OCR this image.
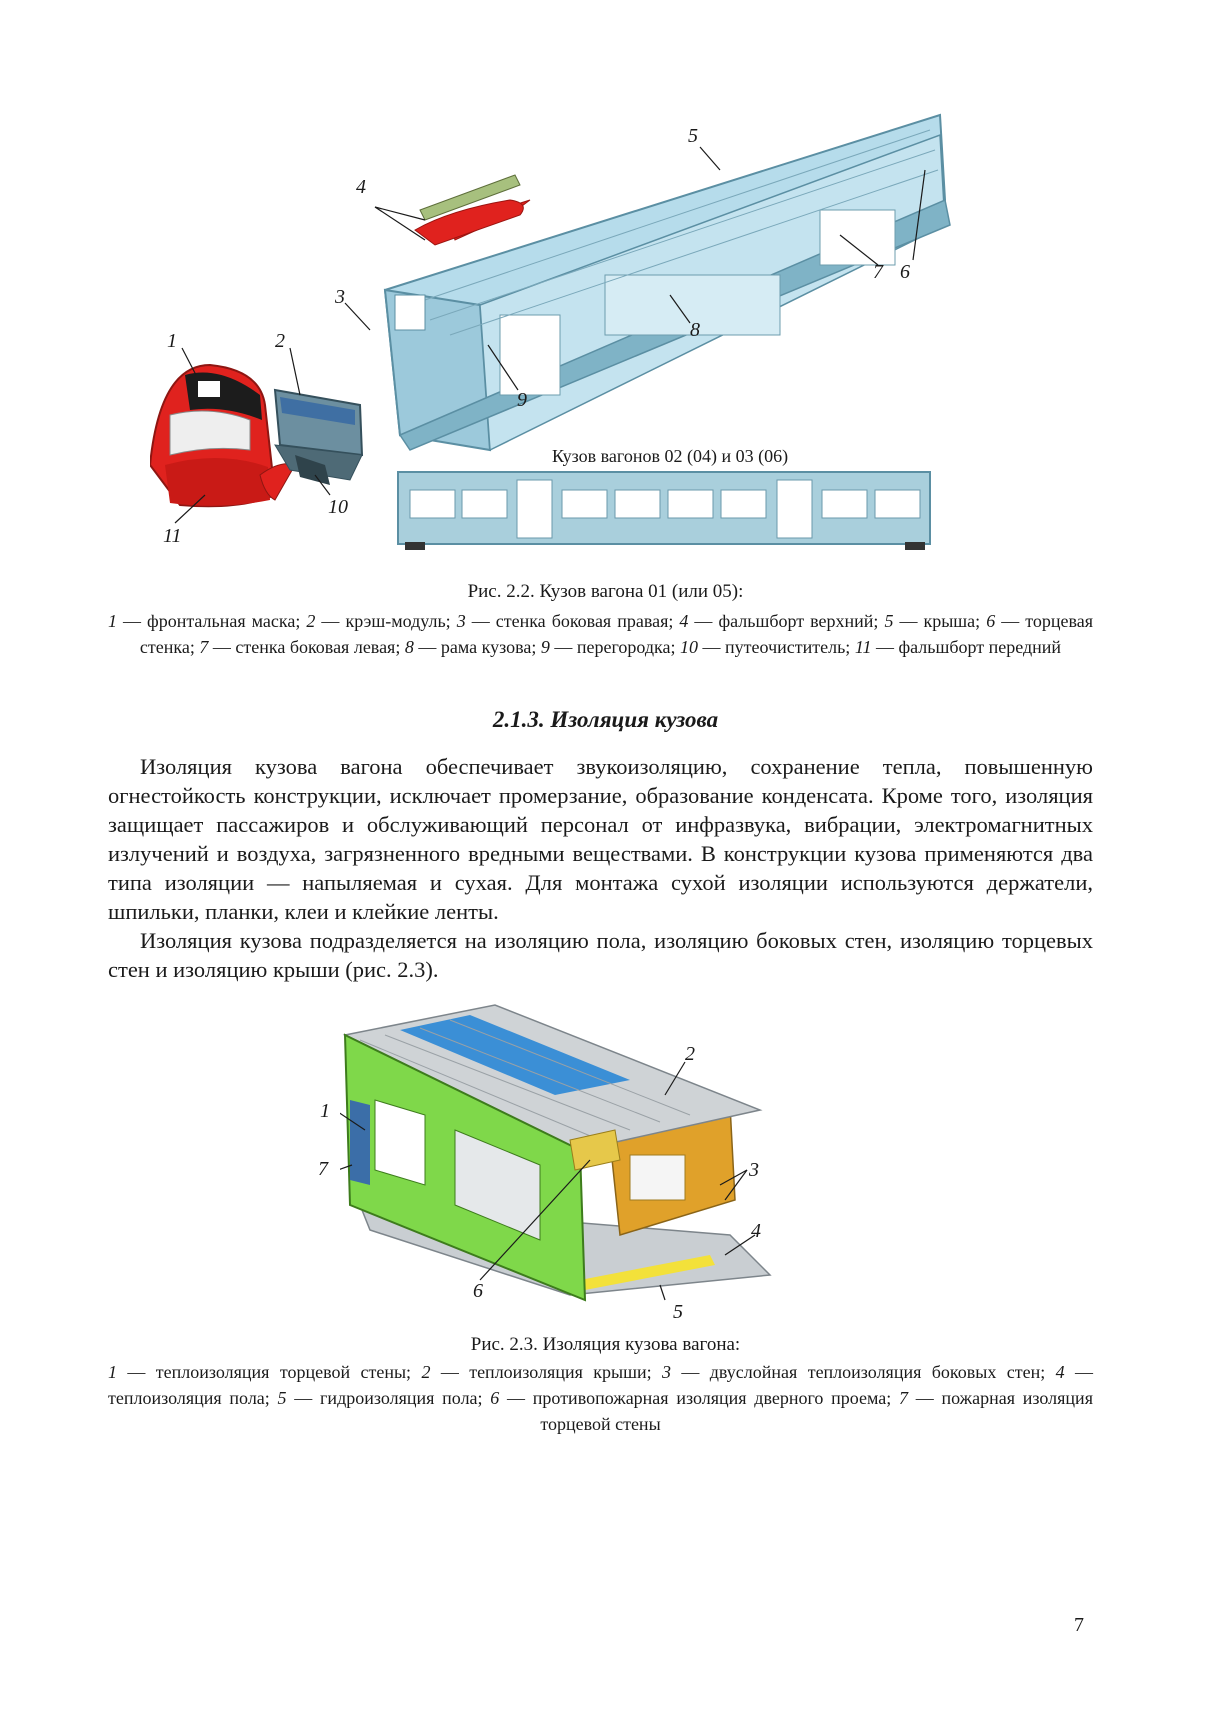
1	2
3
4
5
6
7
8
9
10
11
Кузов вагонов 02 (04) и 03 (06)
Рис. 2.2. Кузов вагона 01 (или 05):
1 — фронтальная маска; 2 — крэш-модуль; 3 — стенка боковая правая; 4 — фальшборт верхний; 5 — крыша; 6 — торцевая стенка; 7 — стенка боковая левая; 8 — рама кузова; 9 — перегородка; 10 — путеочиститель; 11 — фальшборт передний
2.1.3. Изоляция кузова

Изоляция кузова вагона обеспечивает звукоизоляцию, сохранение тепла, повышенную огнестойкость конструкции, исключает промерзание, образование конденсата. Кроме того, изоляция защищает пассажиров и обслуживающий персонал от инфразвука, вибрации, электромагнитных излучений и воздуха, загрязненного вредными веществами. В конструкции кузова применяются два типа изоляции — напыляемая и сухая. Для монтажа сухой изоляции используются держатели, шпильки, планки, клеи и клейкие ленты.

Изоляция кузова подразделяется на изоляцию пола, изоляцию боковых стен, изоляцию торцевых стен и изоляцию крыши (рис. 2.3).

1
2
3
4
5
6
7
Рис. 2.3. Изоляция кузова вагона:
1 — теплоизоляция торцевой стены; 2 — теплоизоляция крыши; 3 — двуслойная теплоизоляция боковых стен; 4 — теплоизоляция пола; 5 — гидроизоляция пола; 6 — противопожарная изоляция дверного проема; 7 — пожарная изоляция торцевой стены
7
